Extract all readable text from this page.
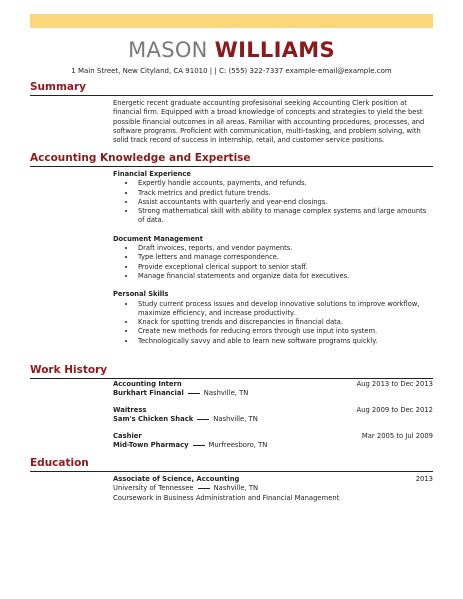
MASON WILLIAMS
1 Main Street, New Cityland, CA 91010 | | C: (555) 322-7337 example-email@example.com
Summary

Energetic recent graduate accounting profesisonal seeking Accounting Clerk position at financial firm. Equipped with a broad knowledge of concepts and strategies to yield the best possible financial outcomes in all areas. Familiar with accounting procedures, processes, and software programs. Proficient with communication, multi-tasking, and problem solving, with solid track record of success in internship, retail, and customer service positions.

Accounting Knowledge and Expertise

Financial Experience

• Expertly handle accounts, payments, and refunds.
• Track metrics and predict future trends.
• Assist accountants with quarterly and year-end closings.
• Strong mathematical skill with ability to manage complex systems and large amounts of data.

Document Management

• Draft invoices, reports, and vendor payments.
• Type letters and manage correspondence.
• Provide exceptional clerical support to senior staff.
• Manage financial statements and organize data for executives.

Personal Skills

• Study current process issues and develop innovative solutions to improve workflow, maximize efficiency, and increase productivity.
• Knack for spotting trends and discrepancies in financial data.
• Create new methods for reducing errors through use input into system.
• Technologically savvy and able to learn new software programs quickly.
Work History
Accounting Intern	Aug 2013 to Dec 2013
Burkhart Financial	Nashville, TN
Waitress	Aug 2009 to Dec 2012
Sam's Chicken Shack	Nashville, TN
Cashier	Mar 2005 to Jul 2009
Mid-Town Pharmacy	Murfreesboro, TN
Education
Associate of Science, Accounting	2013
University of Tennessee	Nashville, TN
Coursework in Business Administration and Financial Management
